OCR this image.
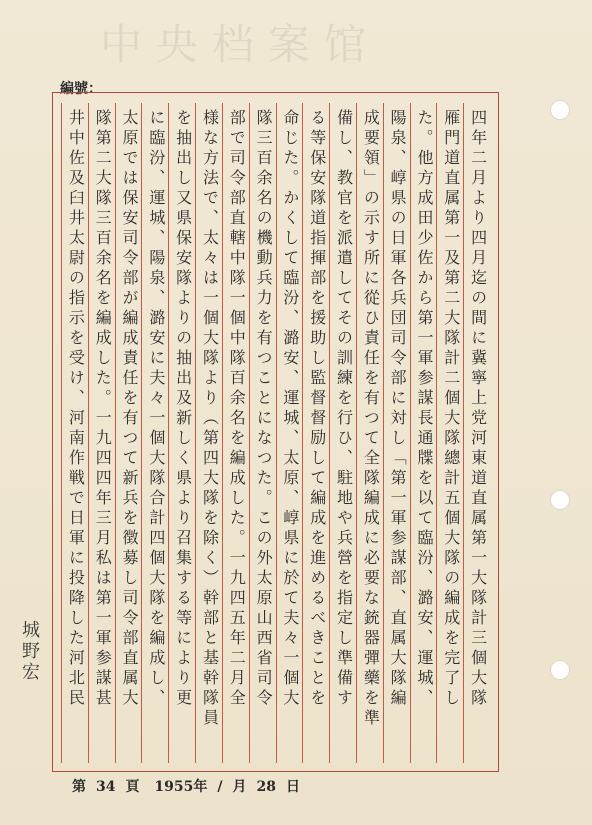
中央档案馆
編號：
四年二月より四月迄の間に冀寧上党河東道直属第一大隊計三個大隊
雁門道直属第一及第二大隊計二個大隊總計五個大隊の編成を完了し
た。他方成田少佐から第一軍参謀長通牒を以て臨汾、潞安、運城、
陽泉、崞県の日軍各兵団司令部に対し「第一軍参謀部、直属大隊編
成要領」の示す所に從ひ責任を有つて全隊編成に必要な銃器彈藥を準
備し、教官を派遣してその訓練を行ひ、駐地や兵營を指定し準備す
る等保安隊道指揮部を援助し監督督励して編成を進めるべきことを
命じた。かくして臨汾、潞安、運城、太原、崞県に於て夫々一個大
隊三百余名の機動兵力を有つことになつた。この外太原山西省司令
部で司令部直轄中隊一個中隊百余名を編成した。一九四五年二月全
様な方法で、太々は一個大隊より（第四大隊を除く）幹部と基幹隊員
を抽出し又県保安隊よりの抽出及新しく県より召集する等により更
に臨汾、運城、陽泉、潞安に夫々一個大隊合計四個大隊を編成し、
太原では保安司令部が編成責任を有つて新兵を徴募し司令部直属大
隊第二大隊三百余名を編成した。一九四四年三月私は第一軍参謀甚
井中佐及臼井太尉の指示を受け、河南作戦で日軍に投降した河北民
城野宏
第 34 頁 1955年 / 月 28 日
